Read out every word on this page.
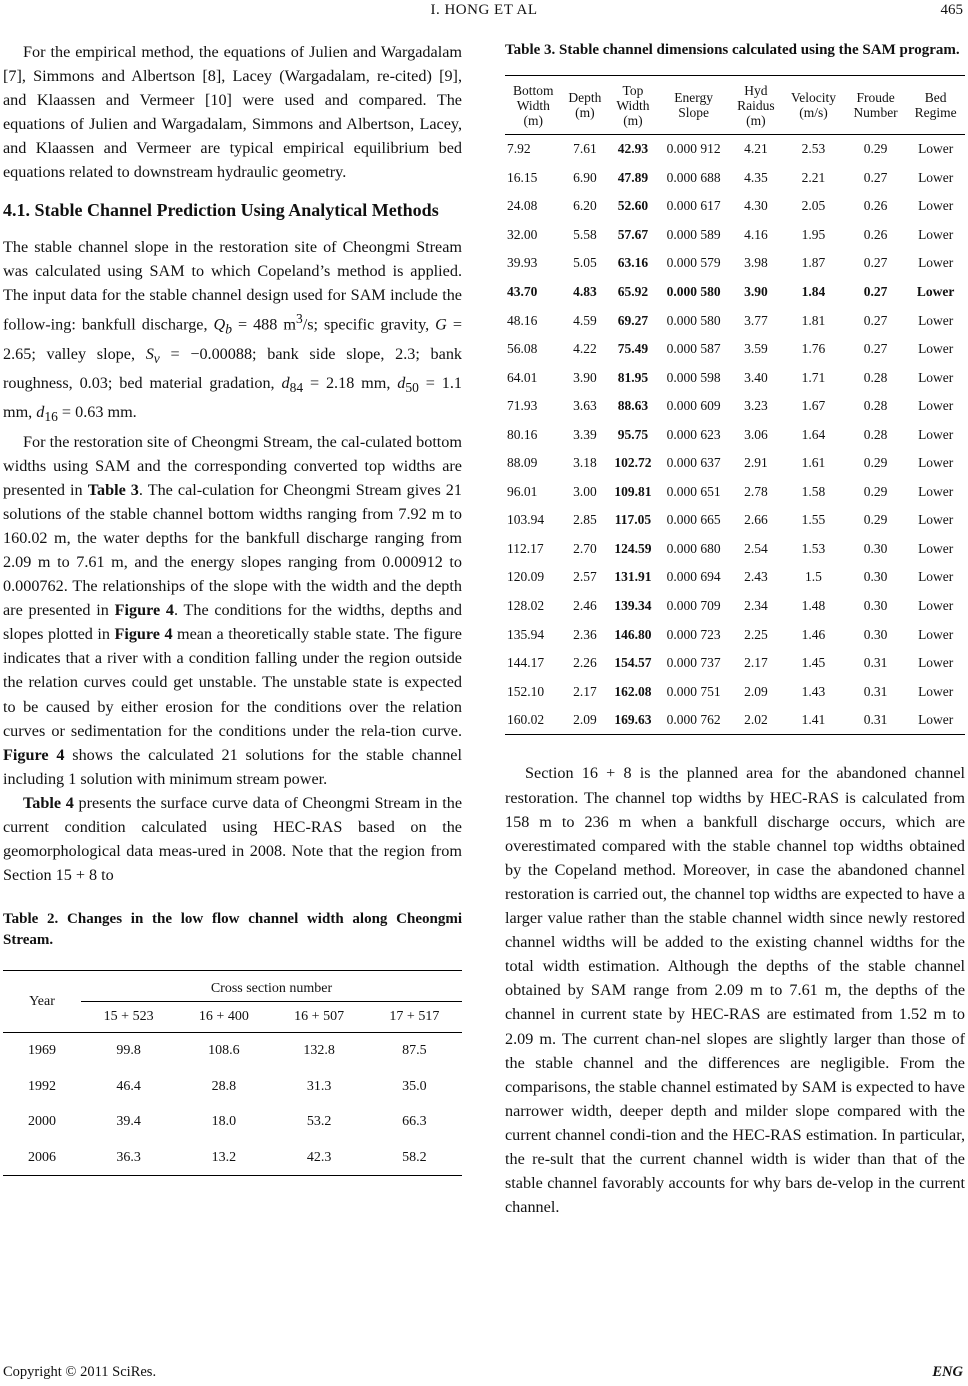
I. HONG ET AL	465

For the empirical method, the equations of Julien and Wargadalam [7], Simmons and Albertson [8], Lacey (Wargadalam, re-cited) [9], and Klaassen and Vermeer [10] were used and compared. The equations of Julien and Wargadalam, Simmons and Albertson, Lacey, and Klaassen and Vermeer are typical empirical equilibrium bed equations related to downstream hydraulic geometry.

4.1. Stable Channel Prediction Using Analytical Methods

The stable channel slope in the restoration site of Cheongmi Stream was calculated using SAM to which Copeland’s method is applied. The input data for the stable channel design used for SAM include the follow-ing: bankfull discharge, $Q_b = 488$ $m^3/s$; specific gravity, G = 2.65; valley slope, $S_v = -0.00088$; bank side slope, 2.3; bank roughness, 0.03; bed material gradation, $d_{84} = 2.18$ mm, $d_{50} = 1.1$ mm, $d_{16} = 0.63$ mm.

For the restoration site of Cheongmi Stream, the cal-culated bottom widths using SAM and the corresponding converted top widths are presented in Table 3. The cal-culation for Cheongmi Stream gives 21 solutions of the stable channel bottom widths ranging from 7.92 m to 160.02 m, the water depths for the bankfull discharge ranging from 2.09 m to 7.61 m, and the energy slopes ranging from 0.000912 to 0.000762. The relationships of the slope with the width and the depth are presented in Figure 4. The conditions for the widths, depths and slopes plotted in Figure 4 mean a theoretically stable state. The figure indicates that a river with a condition falling under the region outside the relation curves could get unstable. The unstable state is expected to be caused by either erosion for the conditions over the relation curves or sedimentation for the conditions under the rela-tion curve. Figure 4 shows the calculated 21 solutions for the stable channel including 1 solution with minimum stream power.

Table 4 presents the surface curve data of Cheongmi Stream in the current condition calculated using HEC-RAS based on the geomorphological data meas-ured in 2008. Note that the region from Section 15 + 8 to

Table 2. Changes in the low flow channel width along Cheongmi Stream.

Year	Cross section number			
	15 + 523	16 + 400	16 + 507	17 + 517
1969	99.8	108.6	132.8	87.5
1992	46.4	28.8	31.3	35.0
2000	39.4	18.0	53.2	66.3
2006	36.3	13.2	42.3	58.2

Table 3. Stable channel dimensions calculated using the SAM program.

Bottom
Width
(m)	Depth
(m)	Top
Width
(m)	Energy
Slope	Hyd
Raidus
(m)	Velocity
(m/s)	Froude
Number	Bed
Regime
7.92	7.61	42.93	0.000 912	4.21	2.53	0.29	Lower
16.15	6.90	47.89	0.000 688	4.35	2.21	0.27	Lower
24.08	6.20	52.60	0.000 617	4.30	2.05	0.26	Lower
32.00	5.58	57.67	0.000 589	4.16	1.95	0.26	Lower
39.93	5.05	63.16	0.000 579	3.98	1.87	0.27	Lower
43.70	4.83	65.92	0.000 580	3.90	1.84	0.27	Lower
48.16	4.59	69.27	0.000 580	3.77	1.81	0.27	Lower
56.08	4.22	75.49	0.000 587	3.59	1.76	0.27	Lower
64.01	3.90	81.95	0.000 598	3.40	1.71	0.28	Lower
71.93	3.63	88.63	0.000 609	3.23	1.67	0.28	Lower
80.16	3.39	95.75	0.000 623	3.06	1.64	0.28	Lower
88.09	3.18	102.72	0.000 637	2.91	1.61	0.29	Lower
96.01	3.00	109.81	0.000 651	2.78	1.58	0.29	Lower
103.94	2.85	117.05	0.000 665	2.66	1.55	0.29	Lower
112.17	2.70	124.59	0.000 680	2.54	1.53	0.30	Lower
120.09	2.57	131.91	0.000 694	2.43	1.5	0.30	Lower
128.02	2.46	139.34	0.000 709	2.34	1.48	0.30	Lower
135.94	2.36	146.80	0.000 723	2.25	1.46	0.30	Lower
144.17	2.26	154.57	0.000 737	2.17	1.45	0.31	Lower
152.10	2.17	162.08	0.000 751	2.09	1.43	0.31	Lower
160.02	2.09	169.63	0.000 762	2.02	1.41	0.31	Lower

Section 16 + 8 is the planned area for the abandoned channel restoration. The channel top widths by HEC-RAS is calculated from 158 m to 236 m when a bankfull discharge occurs, which are overestimated compared with the stable channel top widths obtained by the Copeland method. Moreover, in case the abandoned channel restoration is carried out, the channel top widths are expected to have a larger value rather than the stable channel width since newly restored channel widths will be added to the existing channel widths for the total width estimation. Although the depths of the stable channel obtained by SAM range from 2.09 m to 7.61 m, the depths of the channel in current state by HEC-RAS are estimated from 1.52 m to 2.09 m. The current chan-nel slopes are slightly larger than those of the stable channel and the differences are negligible. From the comparisons, the stable channel estimated by SAM is expected to have narrower width, deeper depth and milder slope compared with the current channel condi-tion and the HEC-RAS estimation. In particular, the re-sult that the current channel width is wider than that of the stable channel favorably accounts for why bars de-velop in the current channel.

Copyright © 2011 SciRes.	ENG
